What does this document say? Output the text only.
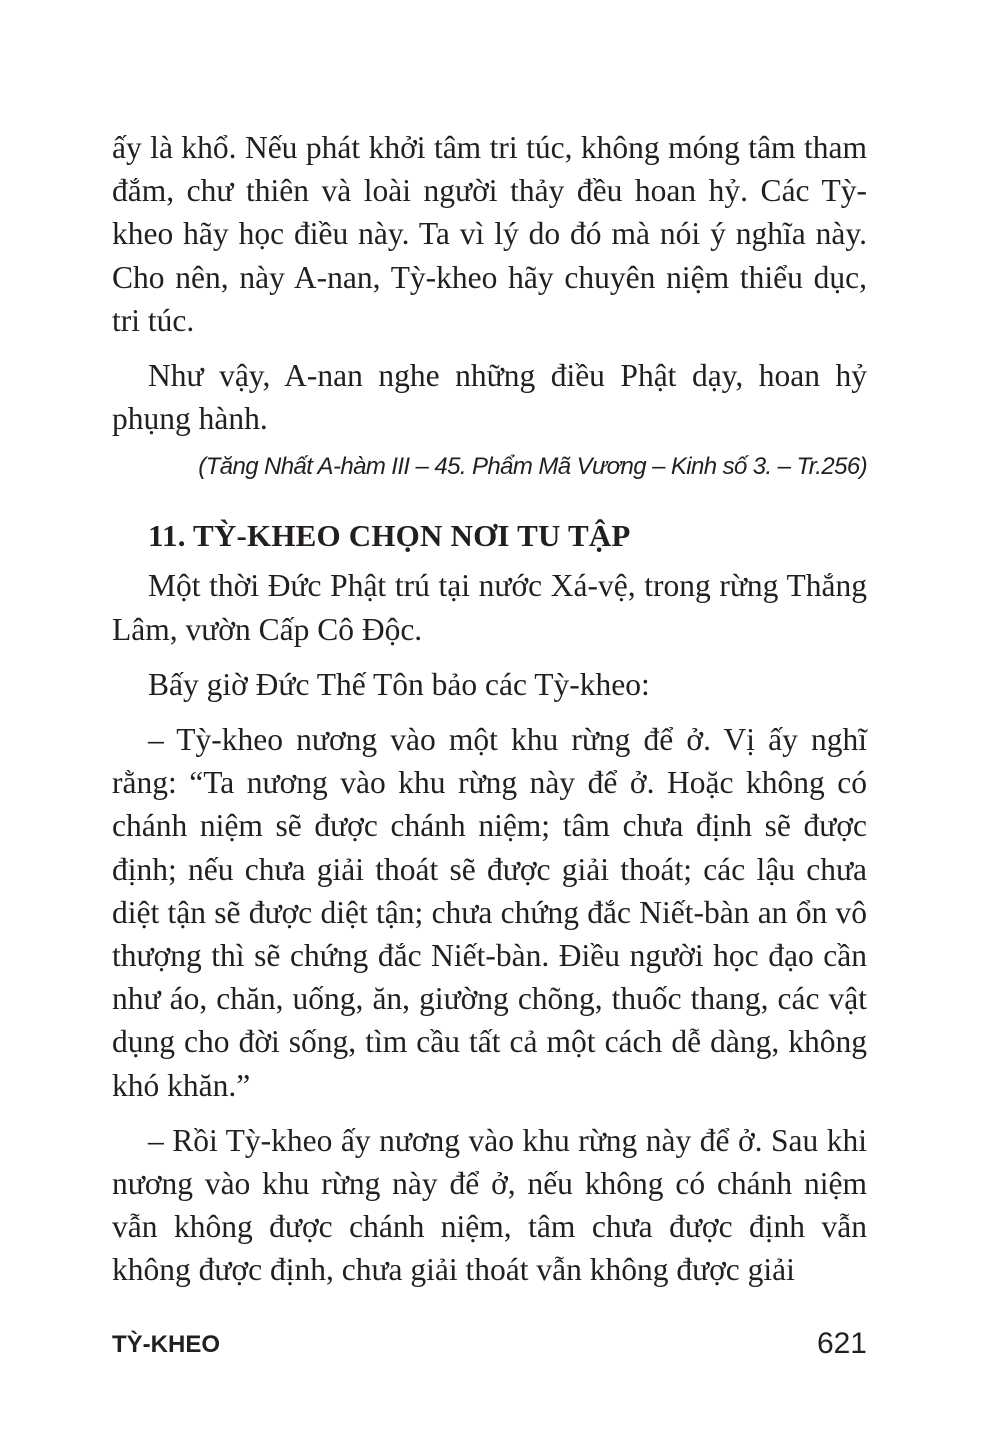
ấy là khổ. Nếu phát khởi tâm tri túc, không móng tâm tham đắm, chư thiên và loài người thảy đều hoan hỷ. Các Tỳ-kheo hãy học điều này. Ta vì lý do đó mà nói ý nghĩa này. Cho nên, này A-nan, Tỳ-kheo hãy chuyên niệm thiểu dục, tri túc.

Như vậy, A-nan nghe những điều Phật dạy, hoan hỷ phụng hành.

(Tăng Nhất A-hàm III – 45. Phẩm Mã Vương – Kinh số 3. – Tr.256)

11. TỲ-KHEO CHỌN NƠI TU TẬP

Một thời Đức Phật trú tại nước Xá-vệ, trong rừng Thắng Lâm, vườn Cấp Cô Độc.

Bấy giờ Đức Thế Tôn bảo các Tỳ-kheo:

– Tỳ-kheo nương vào một khu rừng để ở. Vị ấy nghĩ rằng: “Ta nương vào khu rừng này để ở. Hoặc không có chánh niệm sẽ được chánh niệm; tâm chưa định sẽ được định; nếu chưa giải thoát sẽ được giải thoát; các lậu chưa diệt tận sẽ được diệt tận; chưa chứng đắc Niết-bàn an ổn vô thượng thì sẽ chứng đắc Niết-bàn. Điều người học đạo cần như áo, chăn, uống, ăn, giường chõng, thuốc thang, các vật dụng cho đời sống, tìm cầu tất cả một cách dễ dàng, không khó khăn.”

– Rồi Tỳ-kheo ấy nương vào khu rừng này để ở. Sau khi nương vào khu rừng này để ở, nếu không có chánh niệm vẫn không được chánh niệm, tâm chưa được định vẫn không được định, chưa giải thoát vẫn không được giải

TỲ-KHEO	621
